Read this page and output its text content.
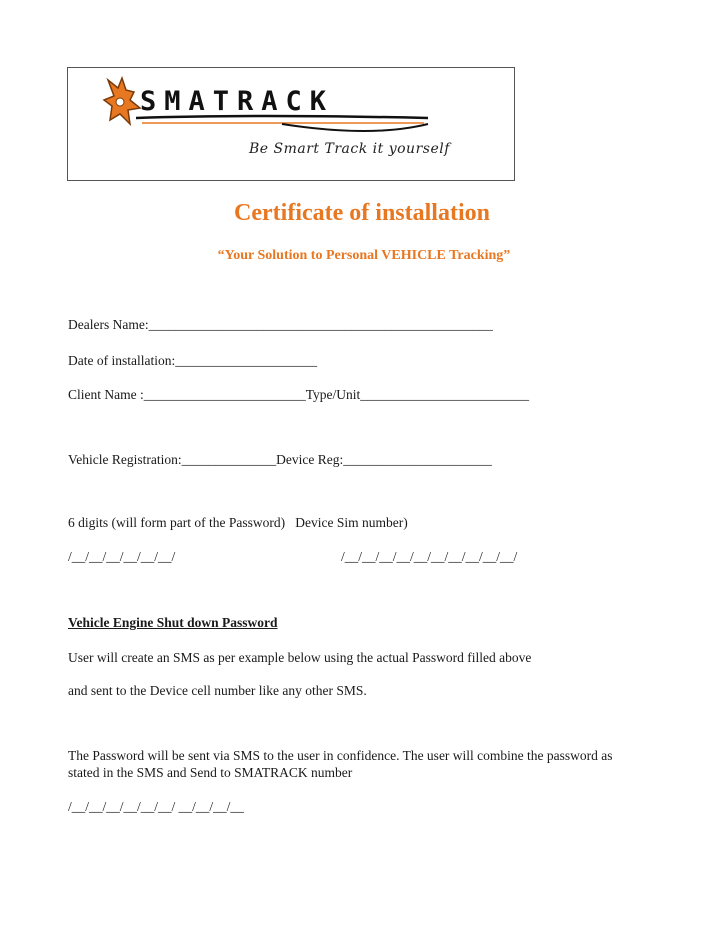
SMATRACK
Be Smart Track it yourself
Certificate of installation
“Your Solution to Personal VEHICLE Tracking”
Dealers Name:___________________________________________________
Date of installation:_____________________
Client Name :________________________Type/Unit_________________________
Vehicle Registration:______________Device Reg:______________________
6 digits (will form part of the Password)   Device Sim number)
/__/__/__/__/__/__/	/__/__/__/__/__/__/__/__/__/__/
Vehicle Engine Shut down Password
User will create an SMS as per example below using the actual Password filled above
and sent to the Device cell number like any other SMS.
The Password will be sent via SMS to the user in confidence. The user will combine the password as
stated in the SMS and Send to SMATRACK number
/__/__/__/__/__/__/ __/__/__/__
